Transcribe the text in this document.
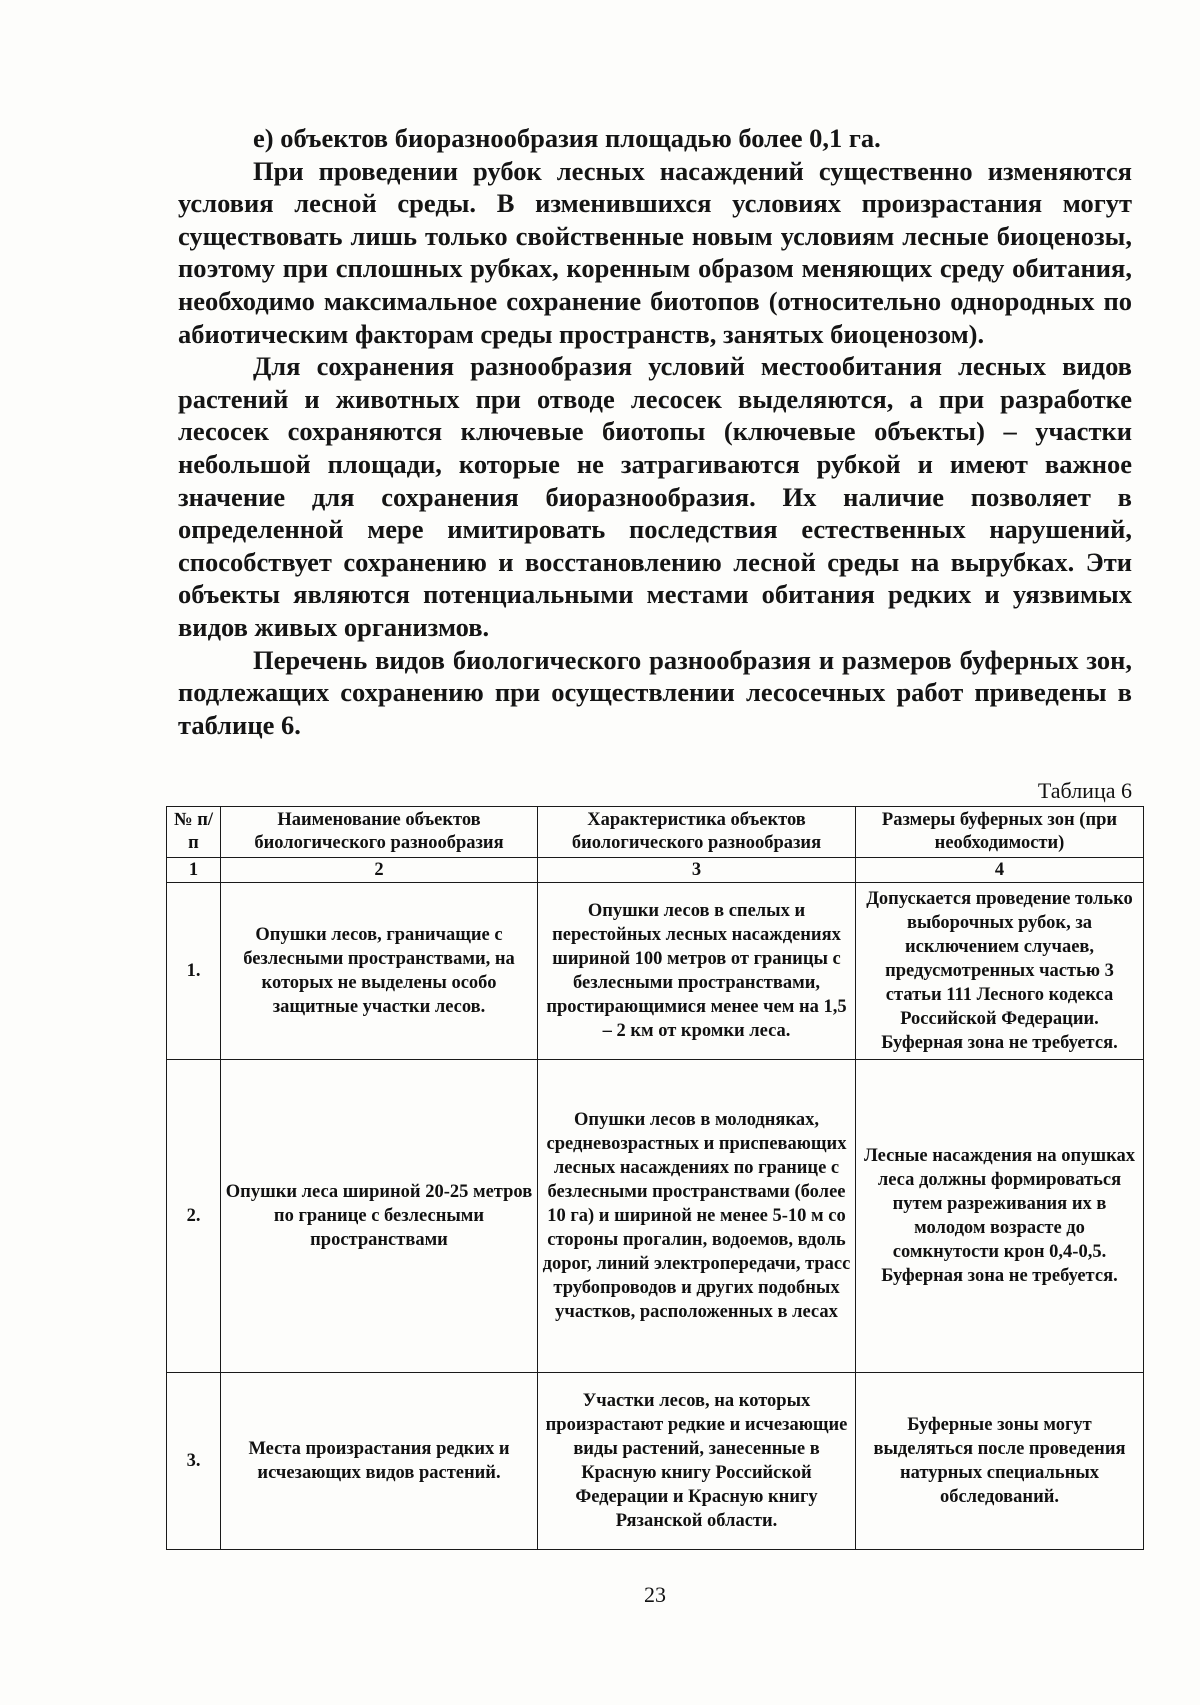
е) объектов биоразнообразия площадью более 0,1 га.

При проведении рубок лесных насаждений существенно изменяются условия лесной среды. В изменившихся условиях произрастания могут существовать лишь только свойственные новым условиям лесные биоценозы, поэтому при сплошных рубках, коренным образом меняющих среду обитания, необходимо максимальное сохранение биотопов (относительно однородных по абиотическим факторам среды пространств, занятых биоценозом).

Для сохранения разнообразия условий местообитания лесных видов растений и животных при отводе лесосек выделяются, а при разработке лесосек сохраняются ключевые биотопы (ключевые объекты) – участки небольшой площади, которые не затрагиваются рубкой и имеют важное значение для сохранения биоразнообразия. Их наличие позволяет в определенной мере имитировать последствия естественных нарушений, способствует сохранению и восстановлению лесной среды на вырубках. Эти объекты являются потенциальными местами обитания редких и уязвимых видов живых организмов.

Перечень видов биологического разнообразия и размеров буферных зон, подлежащих сохранению при осуществлении лесосечных работ приведены в таблице 6.

Таблица 6
№ п/п	Наименование объектов биологического разнообразия	Характеристика объектов биологического разнообразия	Размеры буферных зон (при необходимости)
1	2	3	4
1.	Опушки лесов, граничащие с безлесными пространствами, на которых не выделены особо защитные участки лесов.	Опушки лесов в спелых и перестойных лесных насаждениях шириной 100 метров от границы с безлесными пространствами, простирающимися менее чем на 1,5 – 2 км от кромки леса.	Допускается проведение только выборочных рубок, за исключением случаев, предусмотренных частью 3 статьи 111 Лесного кодекса Российской Федерации. Буферная зона не требуется.
2.	Опушки леса шириной 20-25 метров по границе с безлесными пространствами	Опушки лесов в молодняках, средневозрастных и приспевающих лесных насаждениях по границе с безлесными пространствами (более 10 га) и шириной не менее 5-10 м со стороны прогалин, водоемов, вдоль дорог, линий электропередачи, трасс трубопроводов и других подобных участков, расположенных в лесах	Лесные насаждения на опушках леса должны формироваться путем разреживания их в молодом возрасте до сомкнутости крон 0,4-0,5. Буферная зона не требуется.
3.	Места произрастания редких и исчезающих видов растений.	Участки лесов, на которых произрастают редкие и исчезающие виды растений, занесенные в Красную книгу Российской Федерации и Красную книгу Рязанской области.	Буферные зоны могут выделяться после проведения натурных специальных обследований.
23
